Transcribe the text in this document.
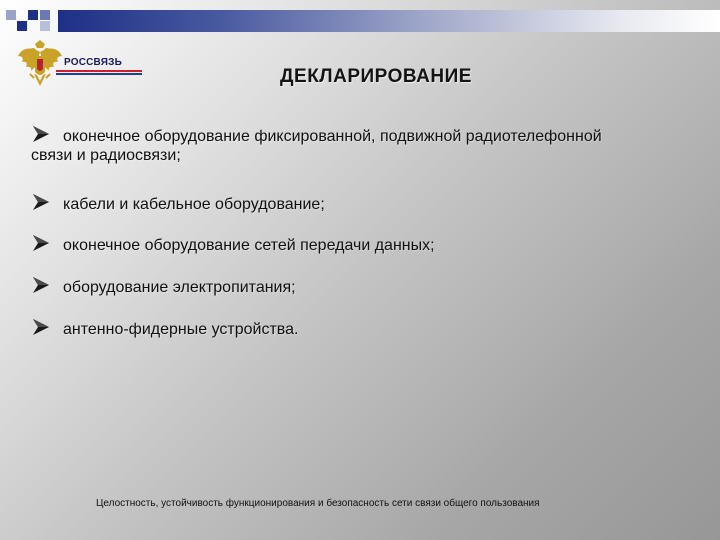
РОССВЯЗЬ
ДЕКЛАРИРОВАНИЕ
оконечное оборудование фиксированной, подвижной радиотелефонной
связи и радиосвязи;
кабели и кабельное оборудование;
оконечное оборудование сетей передачи данных;
оборудование электропитания;
антенно-фидерные устройства.
Целостность, устойчивость функционирования и безопасность сети связи общего пользования
